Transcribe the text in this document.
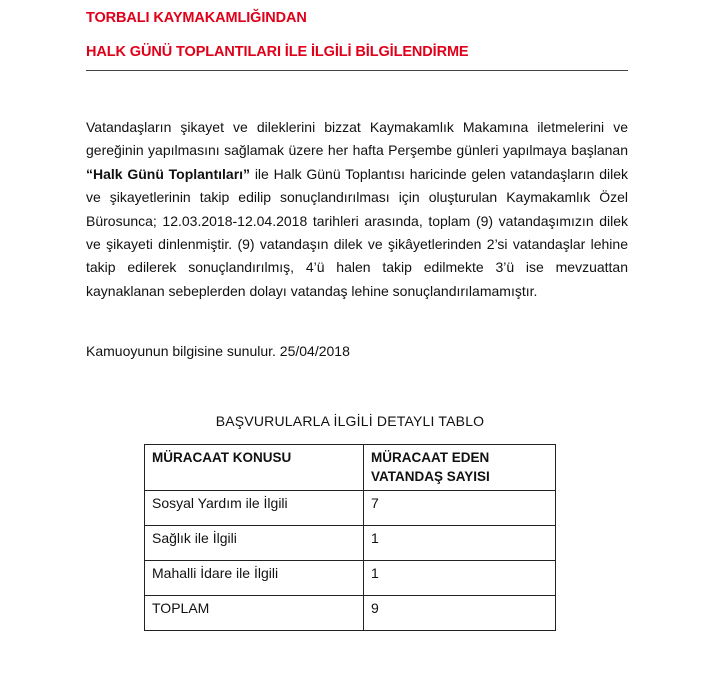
TORBALI KAYMAKAMLIĞINDAN

HALK GÜNÜ TOPLANTILARI İLE İLGİLİ BİLGİLENDİRME

Vatandaşların şikayet ve dileklerini bizzat Kaymakamlık Makamına iletmelerini ve gereğinin yapılmasını sağlamak üzere her hafta Perşembe günleri yapılmaya başlanan “Halk Günü Toplantıları” ile Halk Günü Toplantısı haricinde gelen vatandaşların dilek ve şikayetlerinin takip edilip sonuçlandırılması için oluşturulan Kaymakamlık Özel Bürosunca; 12.03.2018-12.04.2018 tarihleri arasında, toplam (9) vatandaşımızın dilek ve şikayeti dinlenmiştir. (9) vatandaşın dilek ve şikâyetlerinden 2’si vatandaşlar lehine takip edilerek sonuçlandırılmış, 4’ü halen takip edilmekte 3’ü ise mevzuattan kaynaklanan sebeplerden dolayı vatandaş lehine sonuçlandırılamamıştır.

Kamuoyunun bilgisine sunulur. 25/04/2018

BAŞVURULARLA İLGİLİ DETAYLI TABLO

MÜRACAAT KONUSU	MÜRACAAT EDEN VATANDAŞ SAYISI
Sosyal Yardım ile İlgili	7
Sağlık ile İlgili	1
Mahalli İdare ile İlgili	1
TOPLAM	9
